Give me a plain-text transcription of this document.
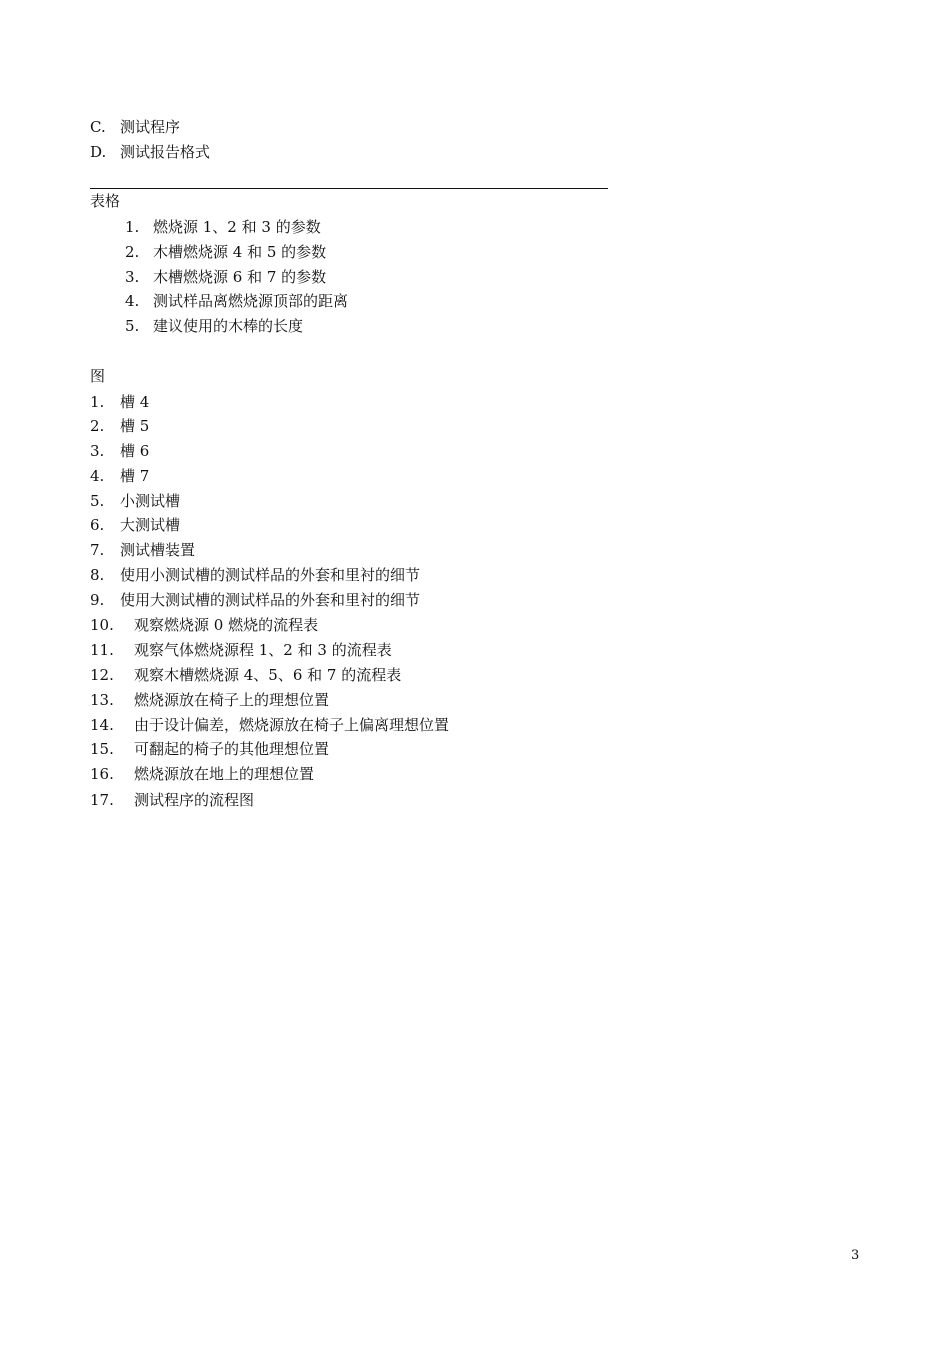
C. 测试程序
D. 测试报告格式
表格
1. 燃烧源 1、2 和 3 的参数
2. 木槽燃烧源 4 和 5 的参数
3. 木槽燃烧源 6 和 7 的参数
4. 测试样品离燃烧源顶部的距离
5. 建议使用的木棒的长度
图
1. 槽 4
2. 槽 5
3. 槽 6
4. 槽 7
5. 小测试槽
6. 大测试槽
7. 测试槽装置
8. 使用小测试槽的测试样品的外套和里衬的细节
9. 使用大测试槽的测试样品的外套和里衬的细节
10. 观察燃烧源 0 燃烧的流程表
11. 观察气体燃烧源程 1、2 和 3 的流程表
12. 观察木槽燃烧源 4、5、6 和 7 的流程表
13. 燃烧源放在椅子上的理想位置
14. 由于设计偏差，燃烧源放在椅子上偏离理想位置
15. 可翻起的椅子的其他理想位置
16. 燃烧源放在地上的理想位置
17. 测试程序的流程图
3
